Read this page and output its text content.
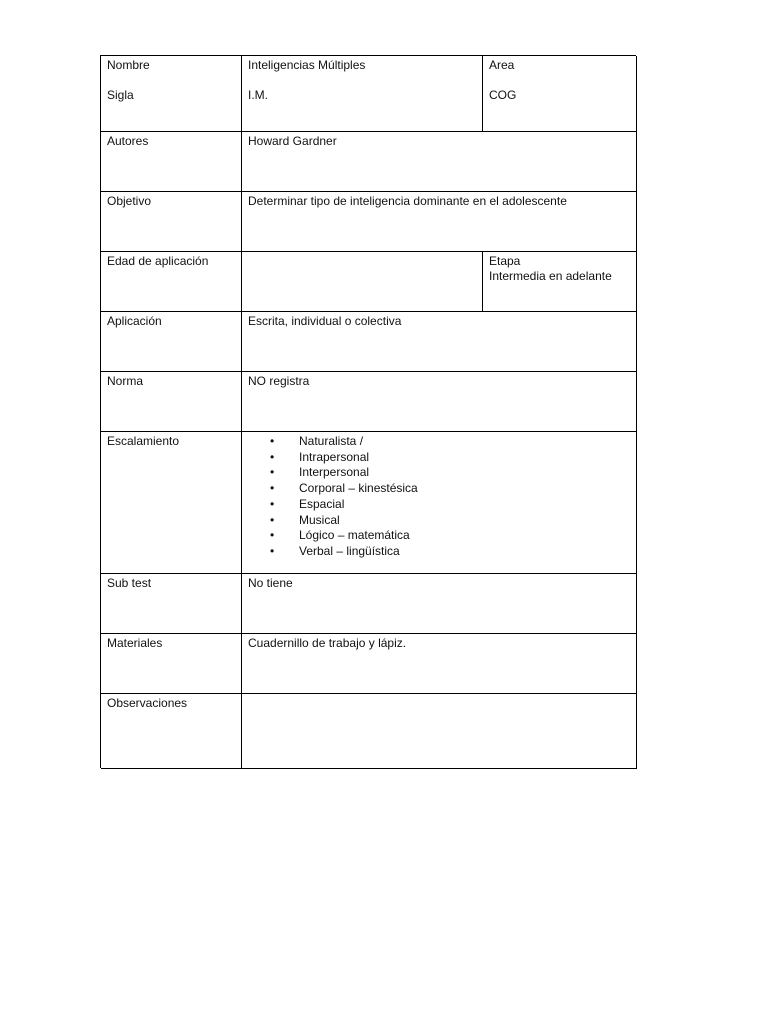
Nombre
Sigla
Inteligencias Múltiples
I.M.
Area
COG
Autores	Howard Gardner
Objetivo	Determinar tipo de inteligencia dominante en el adolescente
Edad de aplicación	Etapa
Intermedia en adelante
Aplicación	Escrita, individual o colectiva
Norma	NO registra
Escalamiento
•	Naturalista /
• Intrapersonal
• Interpersonal
• Corporal – kinestésica
• Espacial
• Musical
• Lógico – matemática
• Verbal – lingüística
Sub test	No tiene
Materiales	Cuadernillo de trabajo y lápiz.
Observaciones
